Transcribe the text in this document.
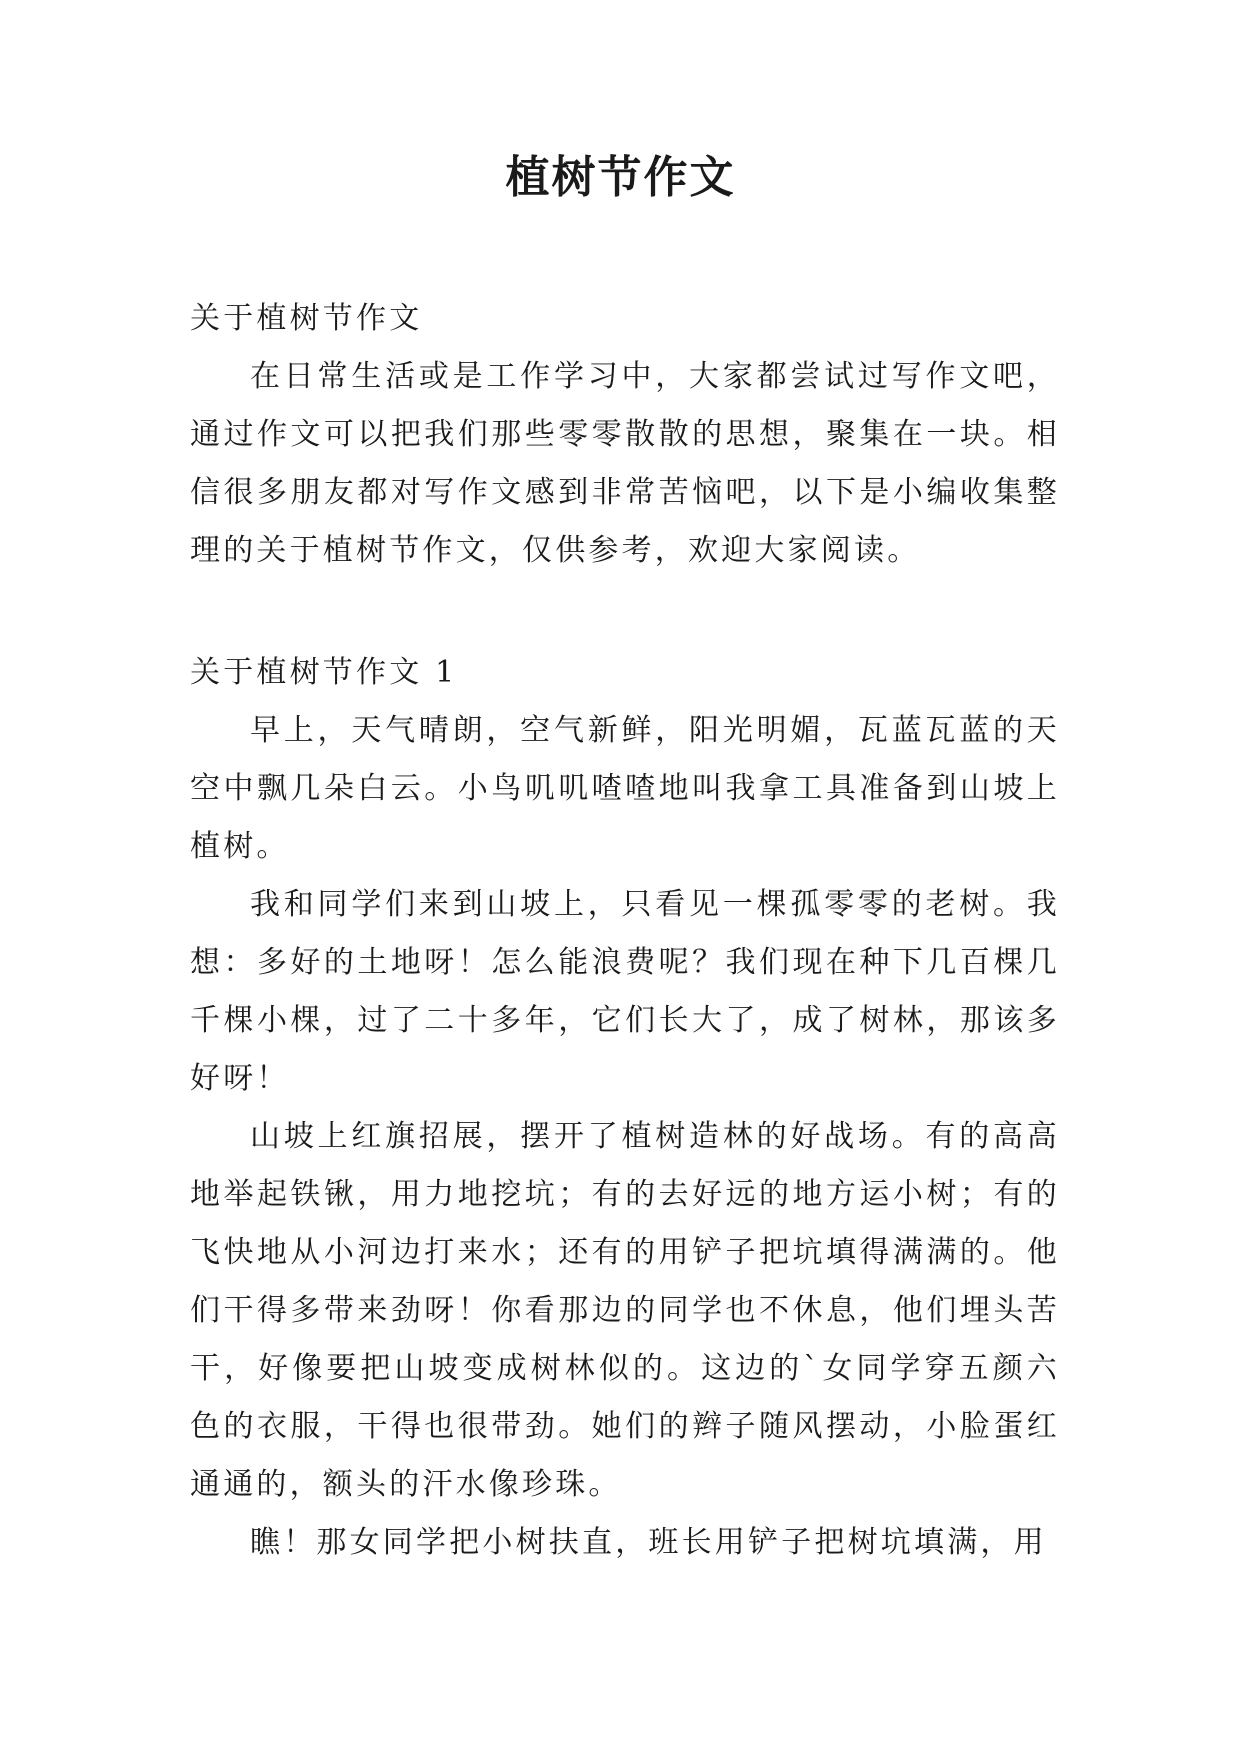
植树节作文

关于植树节作文

在日常生活或是工作学习中，大家都尝试过写作文吧，通过作文可以把我们那些零零散散的思想，聚集在一块。相信很多朋友都对写作文感到非常苦恼吧，以下是小编收集整理的关于植树节作文，仅供参考，欢迎大家阅读。

关于植树节作文 1

早上，天气晴朗，空气新鲜，阳光明媚，瓦蓝瓦蓝的天空中飘几朵白云。小鸟叽叽喳喳地叫我拿工具准备到山坡上植树。

我和同学们来到山坡上，只看见一棵孤零零的老树。我想：多好的土地呀！怎么能浪费呢？我们现在种下几百棵几千棵小棵，过了二十多年，它们长大了，成了树林，那该多好呀！

山坡上红旗招展，摆开了植树造林的好战场。有的高高地举起铁锹，用力地挖坑；有的去好远的地方运小树；有的飞快地从小河边打来水；还有的用铲子把坑填得满满的。他们干得多带来劲呀！你看那边的同学也不休息，他们埋头苦干，好像要把山坡变成树林似的。这边的`女同学穿五颜六色的衣服，干得也很带劲。她们的辫子随风摆动，小脸蛋红通通的，额头的汗水像珍珠。

瞧！那女同学把小树扶直，班长用铲子把树坑填满，用
